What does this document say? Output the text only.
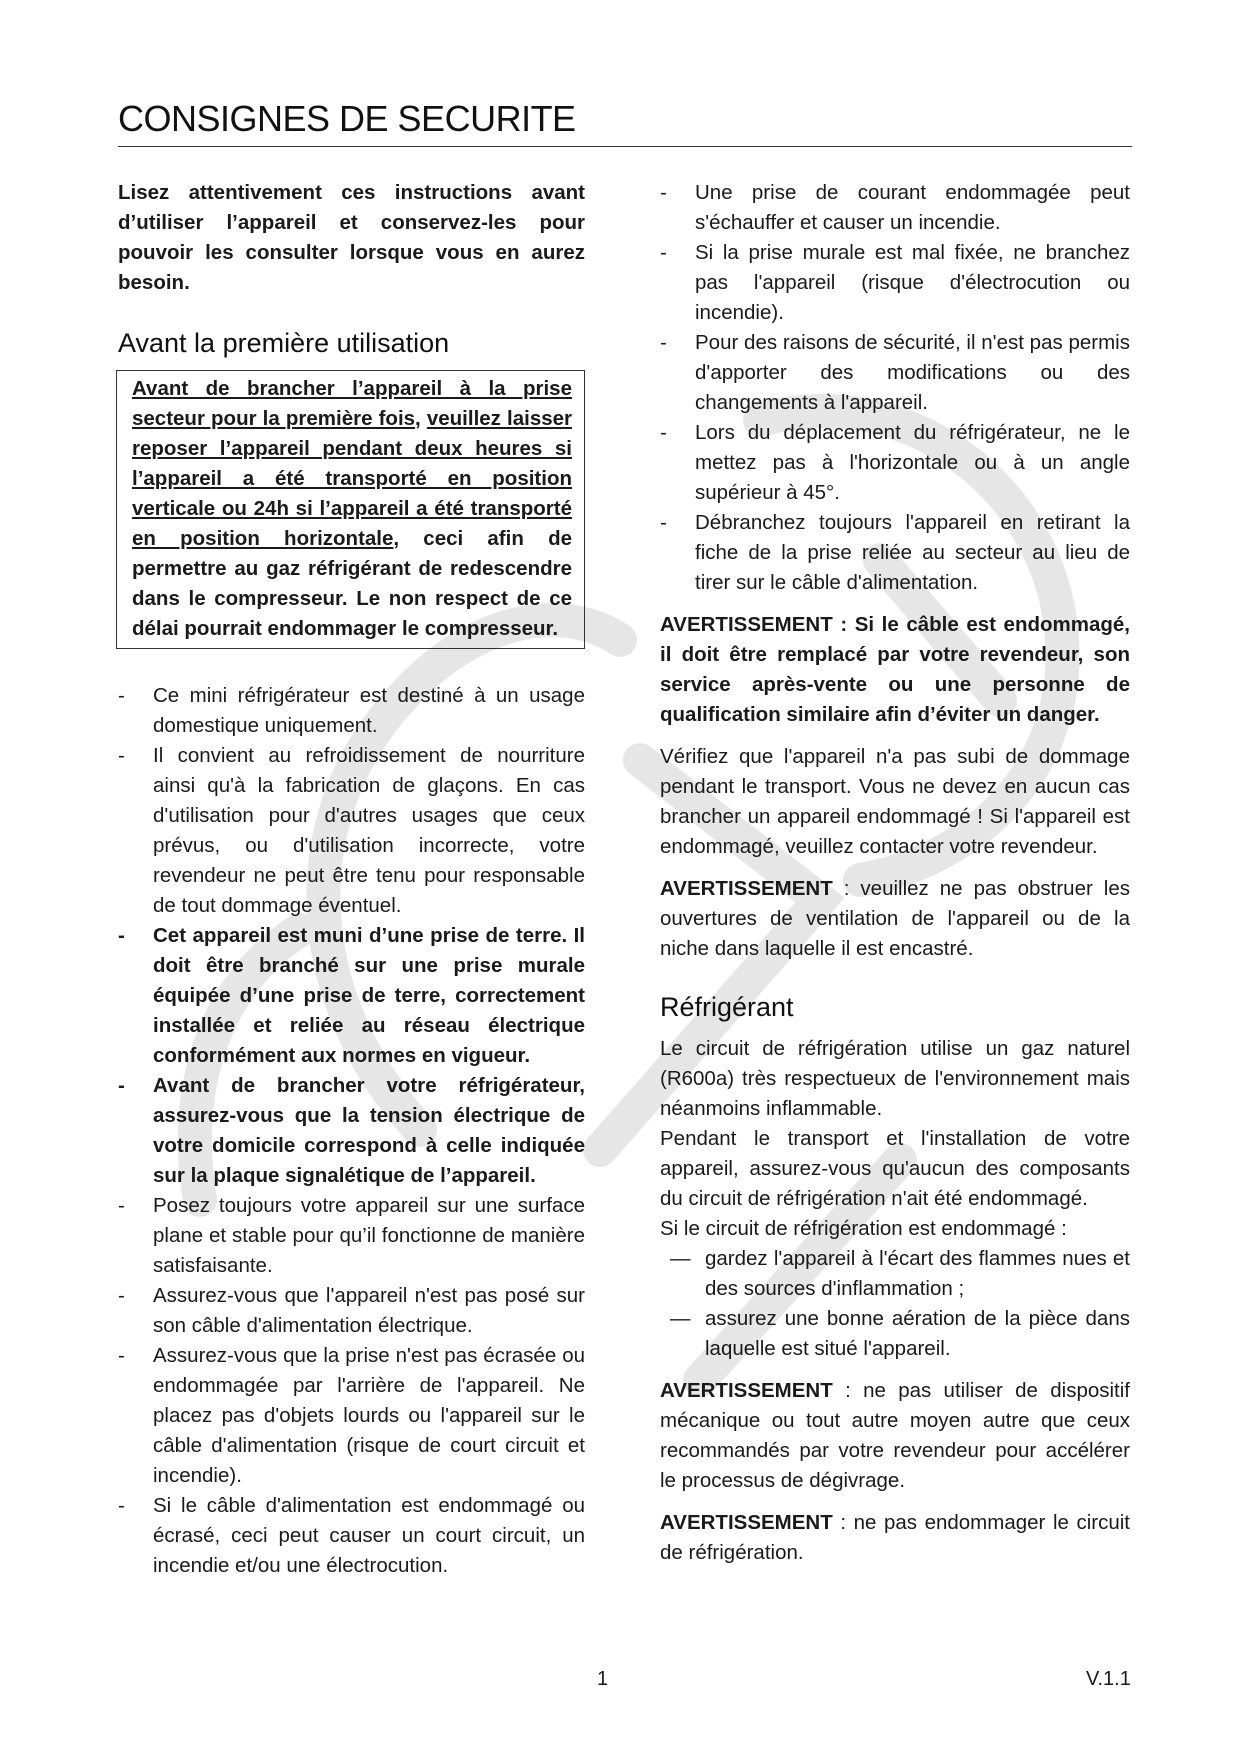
CONSIGNES DE SECURITE

Lisez attentivement ces instructions avant d’utiliser l’appareil et conservez-les pour pouvoir les consulter lorsque vous en aurez besoin.

Avant la première utilisation
Avant de brancher l’appareil à la prise secteur pour la première fois, veuillez laisser reposer l’appareil pendant deux heures si l’appareil a été transporté en position verticale ou 24h si l’appareil a été transporté en position horizontale, ceci afin de permettre au gaz réfrigérant de redescendre dans le compresseur. Le non respect de ce délai pourrait endommager le compresseur.
- Ce mini réfrigérateur est destiné à un usage domestique uniquement.
- Il convient au refroidissement de nourriture ainsi qu'à la fabrication de glaçons. En cas d'utilisation pour d'autres usages que ceux prévus, ou d'utilisation incorrecte, votre revendeur ne peut être tenu pour responsable de tout dommage éventuel.
- Cet appareil est muni d’une prise de terre. Il doit être branché sur une prise murale équipée d’une prise de terre, correctement installée et reliée au réseau électrique conformément aux normes en vigueur.
- Avant de brancher votre réfrigérateur, assurez-vous que la tension électrique de votre domicile correspond à celle indiquée sur la plaque signalétique de l’appareil.
- Posez toujours votre appareil sur une surface plane et stable pour qu’il fonctionne de manière satisfaisante.
- Assurez-vous que l'appareil n'est pas posé sur son câble d'alimentation électrique.
- Assurez-vous que la prise n'est pas écrasée ou endommagée par l'arrière de l'appareil. Ne placez pas d'objets lourds ou l'appareil sur le câble d'alimentation (risque de court circuit et incendie).
- Si le câble d'alimentation est endommagé ou écrasé, ceci peut causer un court circuit, un incendie et/ou une électrocution.
- Une prise de courant endommagée peut s'échauffer et causer un incendie.
- Si la prise murale est mal fixée, ne branchez pas l'appareil (risque d'électrocution ou incendie).
- Pour des raisons de sécurité, il n'est pas permis d'apporter des modifications ou des changements à l'appareil.
- Lors du déplacement du réfrigérateur, ne le mettez pas à l'horizontale ou à un angle supérieur à 45°.
- Débranchez toujours l'appareil en retirant la fiche de la prise reliée au secteur au lieu de tirer sur le câble d'alimentation.

AVERTISSEMENT : Si le câble est endommagé, il doit être remplacé par votre revendeur, son service après-vente ou une personne de qualification similaire afin d’éviter un danger.

Vérifiez que l'appareil n'a pas subi de dommage pendant le transport. Vous ne devez en aucun cas brancher un appareil endommagé ! Si l'appareil est endommagé, veuillez contacter votre revendeur.

AVERTISSEMENT : veuillez ne pas obstruer les ouvertures de ventilation de l'appareil ou de la niche dans laquelle il est encastré.

Réfrigérant

Le circuit de réfrigération utilise un gaz naturel (R600a) très respectueux de l'environnement mais néanmoins inflammable.

Pendant le transport et l'installation de votre appareil, assurez-vous qu'aucun des composants du circuit de réfrigération n'ait été endommagé.

Si le circuit de réfrigération est endommagé :

— gardez l'appareil à l'écart des flammes nues et des sources d'inflammation ;
— assurez une bonne aération de la pièce dans laquelle est situé l'appareil.

AVERTISSEMENT : ne pas utiliser de dispositif mécanique ou tout autre moyen autre que ceux recommandés par votre revendeur pour accélérer le processus de dégivrage.

AVERTISSEMENT : ne pas endommager le circuit de réfrigération.

1	V.1.1
